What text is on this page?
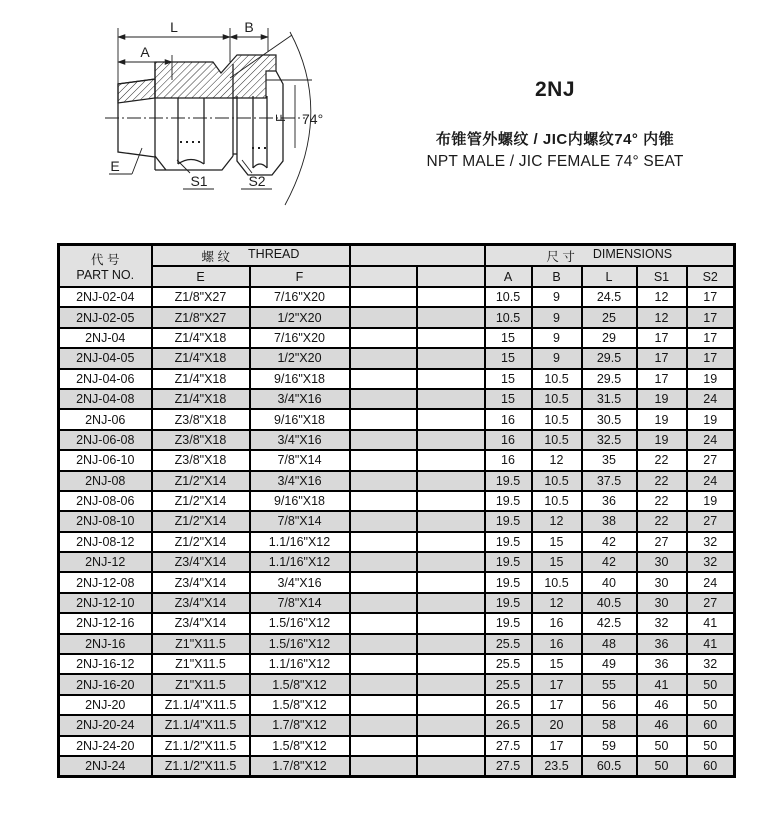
L	B
A
E
S1	S2
F 74°
2NJ
布锥管外螺纹 / JIC内螺纹74° 内锥
NPT MALE / JIC FEMALE 74° SEAT
代 号
PART NO.

螺 纹 THREAD		尺 寸 DIMENSIONS

	E	F			A	B	L	S1	S2
2NJ-02-04	Z1/8"X27	7/16"X20			10.5	9	24.5	12	17
2NJ-02-05	Z1/8"X27	1/2"X20			10.5	9	25	12	17
2NJ-04	Z1/4"X18	7/16"X20			15	9	29	17	17
2NJ-04-05	Z1/4"X18	1/2"X20			15	9	29.5	17	17
2NJ-04-06	Z1/4"X18	9/16"X18			15	10.5	29.5	17	19
2NJ-04-08	Z1/4"X18	3/4"X16			15	10.5	31.5	19	24
2NJ-06	Z3/8"X18	9/16"X18			16	10.5	30.5	19	19
2NJ-06-08	Z3/8"X18	3/4"X16			16	10.5	32.5	19	24
2NJ-06-10	Z3/8"X18	7/8"X14			16	12	35	22	27
2NJ-08	Z1/2"X14	3/4"X16			19.5	10.5	37.5	22	24
2NJ-08-06	Z1/2"X14	9/16"X18			19.5	10.5	36	22	19
2NJ-08-10	Z1/2"X14	7/8"X14			19.5	12	38	22	27
2NJ-08-12	Z1/2"X14	1.1/16"X12			19.5	15	42	27	32
2NJ-12	Z3/4"X14	1.1/16"X12			19.5	15	42	30	32
2NJ-12-08	Z3/4"X14	3/4"X16			19.5	10.5	40	30	24
2NJ-12-10	Z3/4"X14	7/8"X14			19.5	12	40.5	30	27
2NJ-12-16	Z3/4"X14	1.5/16"X12			19.5	16	42.5	32	41
2NJ-16	Z1"X11.5	1.5/16"X12			25.5	16	48	36	41
2NJ-16-12	Z1"X11.5	1.1/16"X12			25.5	15	49	36	32
2NJ-16-20	Z1"X11.5	1.5/8"X12			25.5	17	55	41	50
2NJ-20	Z1.1/4"X11.5	1.5/8"X12			26.5	17	56	46	50
2NJ-20-24	Z1.1/4"X11.5	1.7/8"X12			26.5	20	58	46	60
2NJ-24-20	Z1.1/2"X11.5	1.5/8"X12			27.5	17	59	50	50
2NJ-24	Z1.1/2"X11.5	1.7/8"X12			27.5	23.5	60.5	50	60
